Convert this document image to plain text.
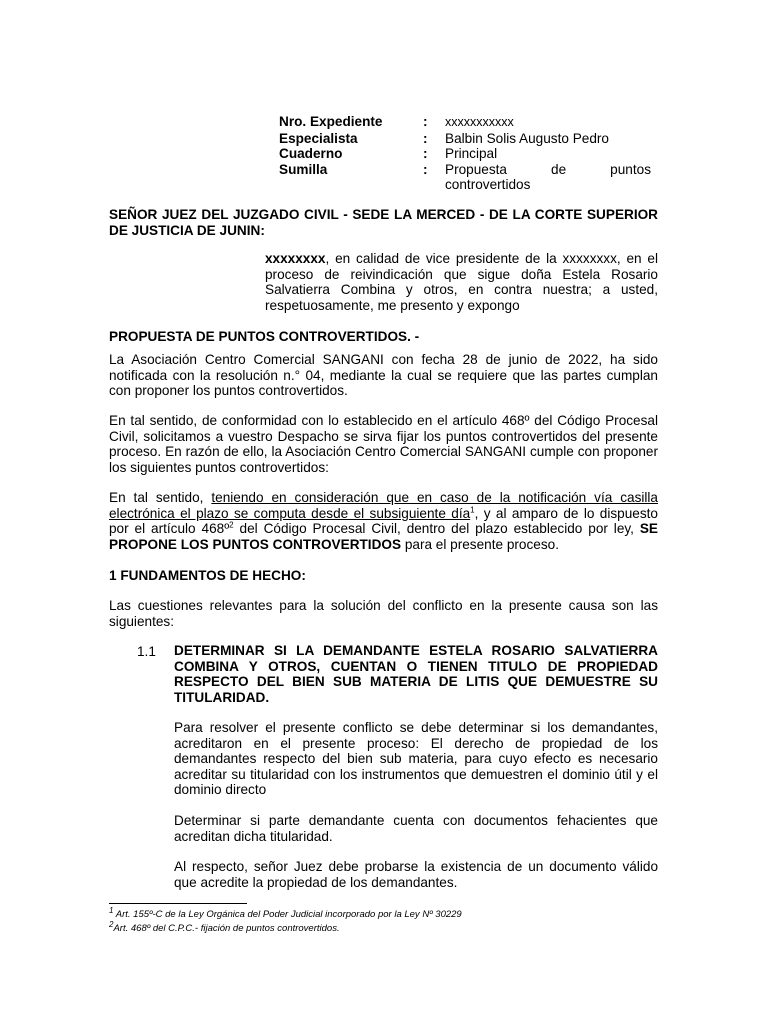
Nro. Expediente	:	xxxxxxxxxxx
Especialista	:	Balbin Solis Augusto Pedro
Cuaderno	:	Principal
Sumilla	:	Propuesta de puntos
controvertidos
SEÑOR JUEZ DEL JUZGADO CIVIL - SEDE LA MERCED - DE LA CORTE SUPERIOR DE JUSTICIA DE JUNIN:
xxxxxxxx, en calidad de vice presidente de la xxxxxxxx, en el proceso de reivindicación que sigue doña Estela Rosario Salvatierra Combina y otros, en contra nuestra; a usted, respetuosamente, me presento y expongo
PROPUESTA DE PUNTOS CONTROVERTIDOS. -
La Asociación Centro Comercial SANGANI con fecha 28 de junio de 2022, ha sido notificada con la resolución n.° 04, mediante la cual se requiere que las partes cumplan con proponer los puntos controvertidos.
En tal sentido, de conformidad con lo establecido en el artículo 468º del Código Procesal Civil, solicitamos a vuestro Despacho se sirva fijar los puntos controvertidos del presente proceso. En razón de ello, la Asociación Centro Comercial SANGANI cumple con proponer los siguientes puntos controvertidos:
En tal sentido, teniendo en consideración que en caso de la notificación vía casilla electrónica el plazo se computa desde el subsiguiente día$^1$, y al amparo de lo dispuesto por el artículo 468º$^2$ del Código Procesal Civil, dentro del plazo establecido por ley, SE PROPONE LOS PUNTOS CONTROVERTIDOS para el presente proceso.
1 FUNDAMENTOS DE HECHO:
Las cuestiones relevantes para la solución del conflicto en la presente causa son las siguientes:
1.1 DETERMINAR SI LA DEMANDANTE ESTELA ROSARIO SALVATIERRA COMBINA Y OTROS, CUENTAN O TIENEN TITULO DE PROPIEDAD RESPECTO DEL BIEN SUB MATERIA DE LITIS QUE DEMUESTRE SU TITULARIDAD.
Para resolver el presente conflicto se debe determinar si los demandantes, acreditaron en el presente proceso: El derecho de propiedad de los demandantes respecto del bien sub materia, para cuyo efecto es necesario acreditar su titularidad con los instrumentos que demuestren el dominio útil y el dominio directo
Determinar si parte demandante cuenta con documentos fehacientes que acreditan dicha titularidad.
Al respecto, señor Juez debe probarse la existencia de un documento válido que acredite la propiedad de los demandantes.
$^1$ Art. 155º-C de la Ley Orgánica del Poder Judicial incorporado por la Ley Nº 30229
$^2$Art. 468º del C.P.C.- fijación de puntos controvertidos.
